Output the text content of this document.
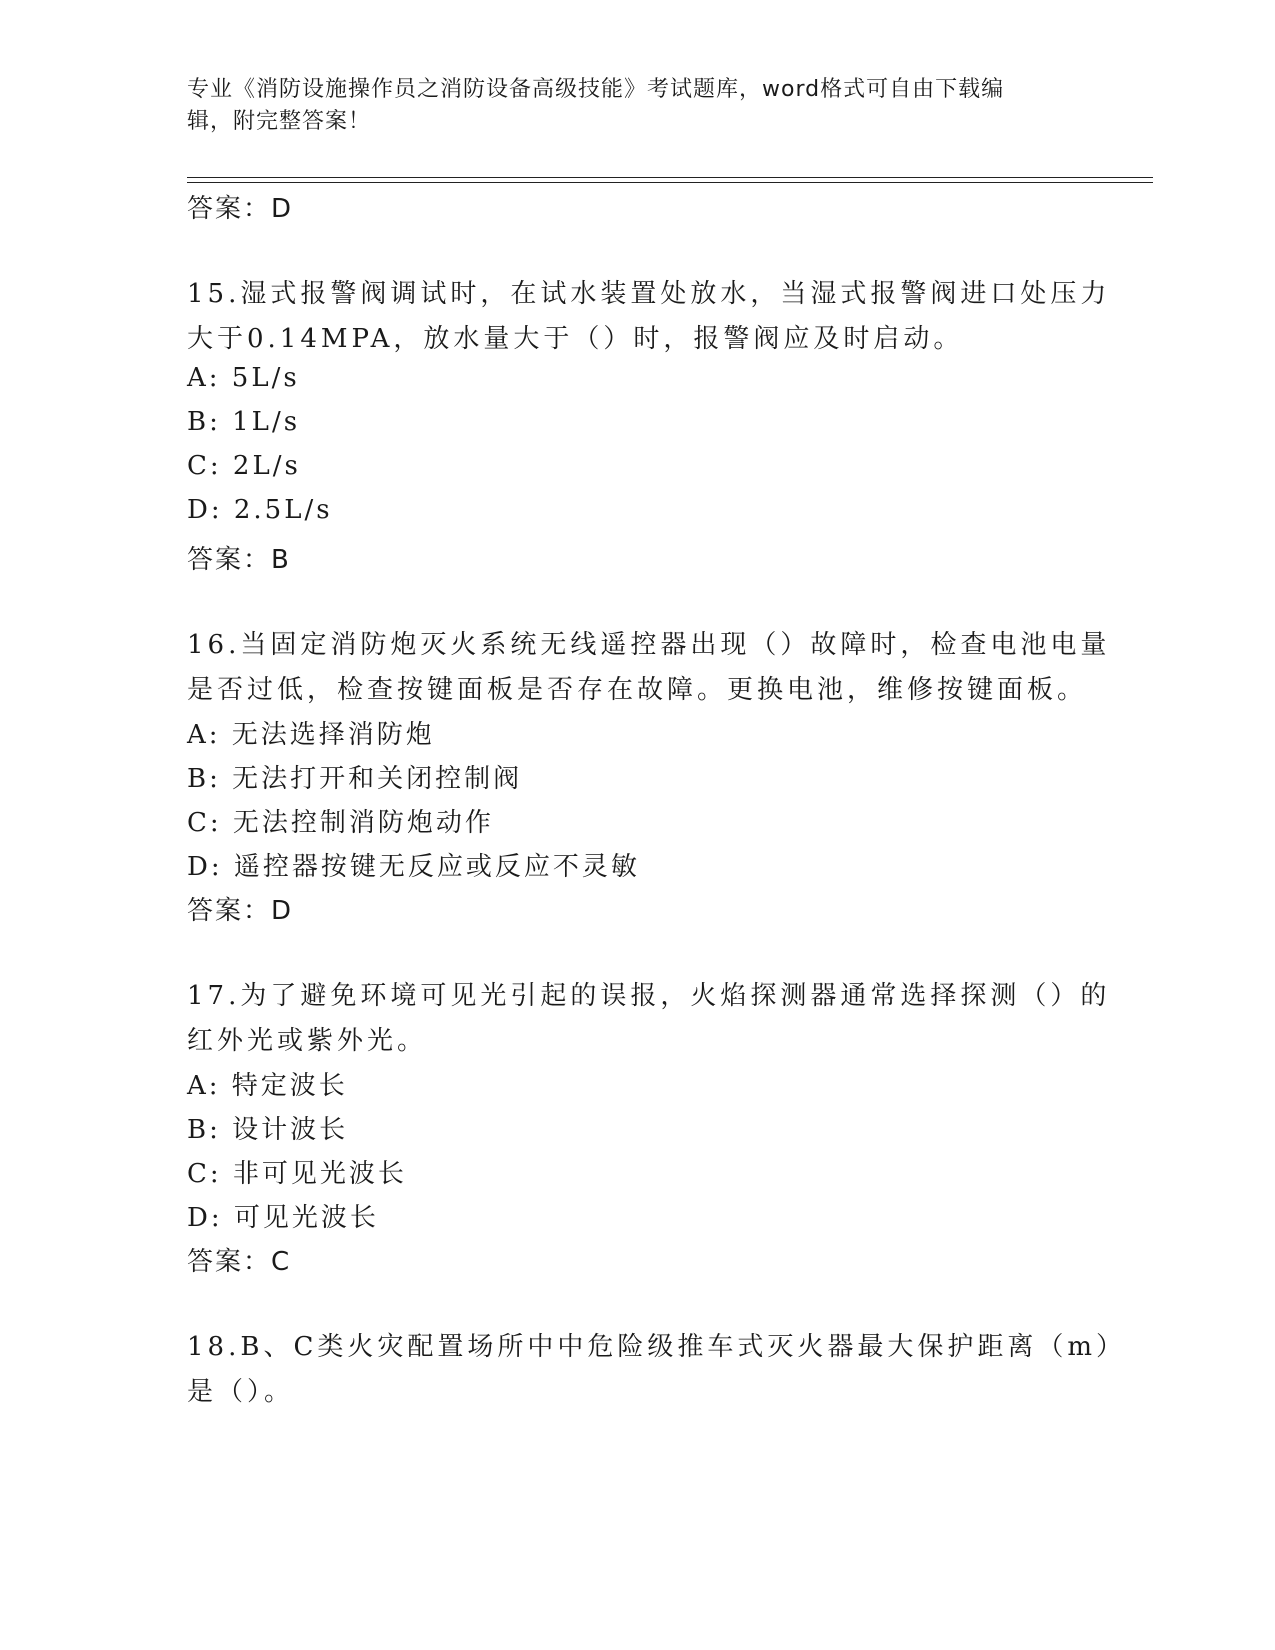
专业《消防设施操作员之消防设备高级技能》考试题库，word格式可自由下载编
辑，附完整答案！
答案：D
15.湿式报警阀调试时，在试水装置处放水，当湿式报警阀进口处压力
大于0.14MPA，放水量大于（）时，报警阀应及时启动。
A: 5L/s
B: 1L/s
C: 2L/s
D: 2.5L/s
答案：B
16.当固定消防炮灭火系统无线遥控器出现（）故障时，检查电池电量
是否过低，检查按键面板是否存在故障。更换电池，维修按键面板。
A: 无法选择消防炮
B: 无法打开和关闭控制阀
C: 无法控制消防炮动作
D: 遥控器按键无反应或反应不灵敏
答案：D
17.为了避免环境可见光引起的误报，火焰探测器通常选择探测（）的
红外光或紫外光。
A: 特定波长
B: 设计波长
C: 非可见光波长
D: 可见光波长
答案：C
18.B、C类火灾配置场所中中危险级推车式灭火器最大保护距离（m）
是（）。
